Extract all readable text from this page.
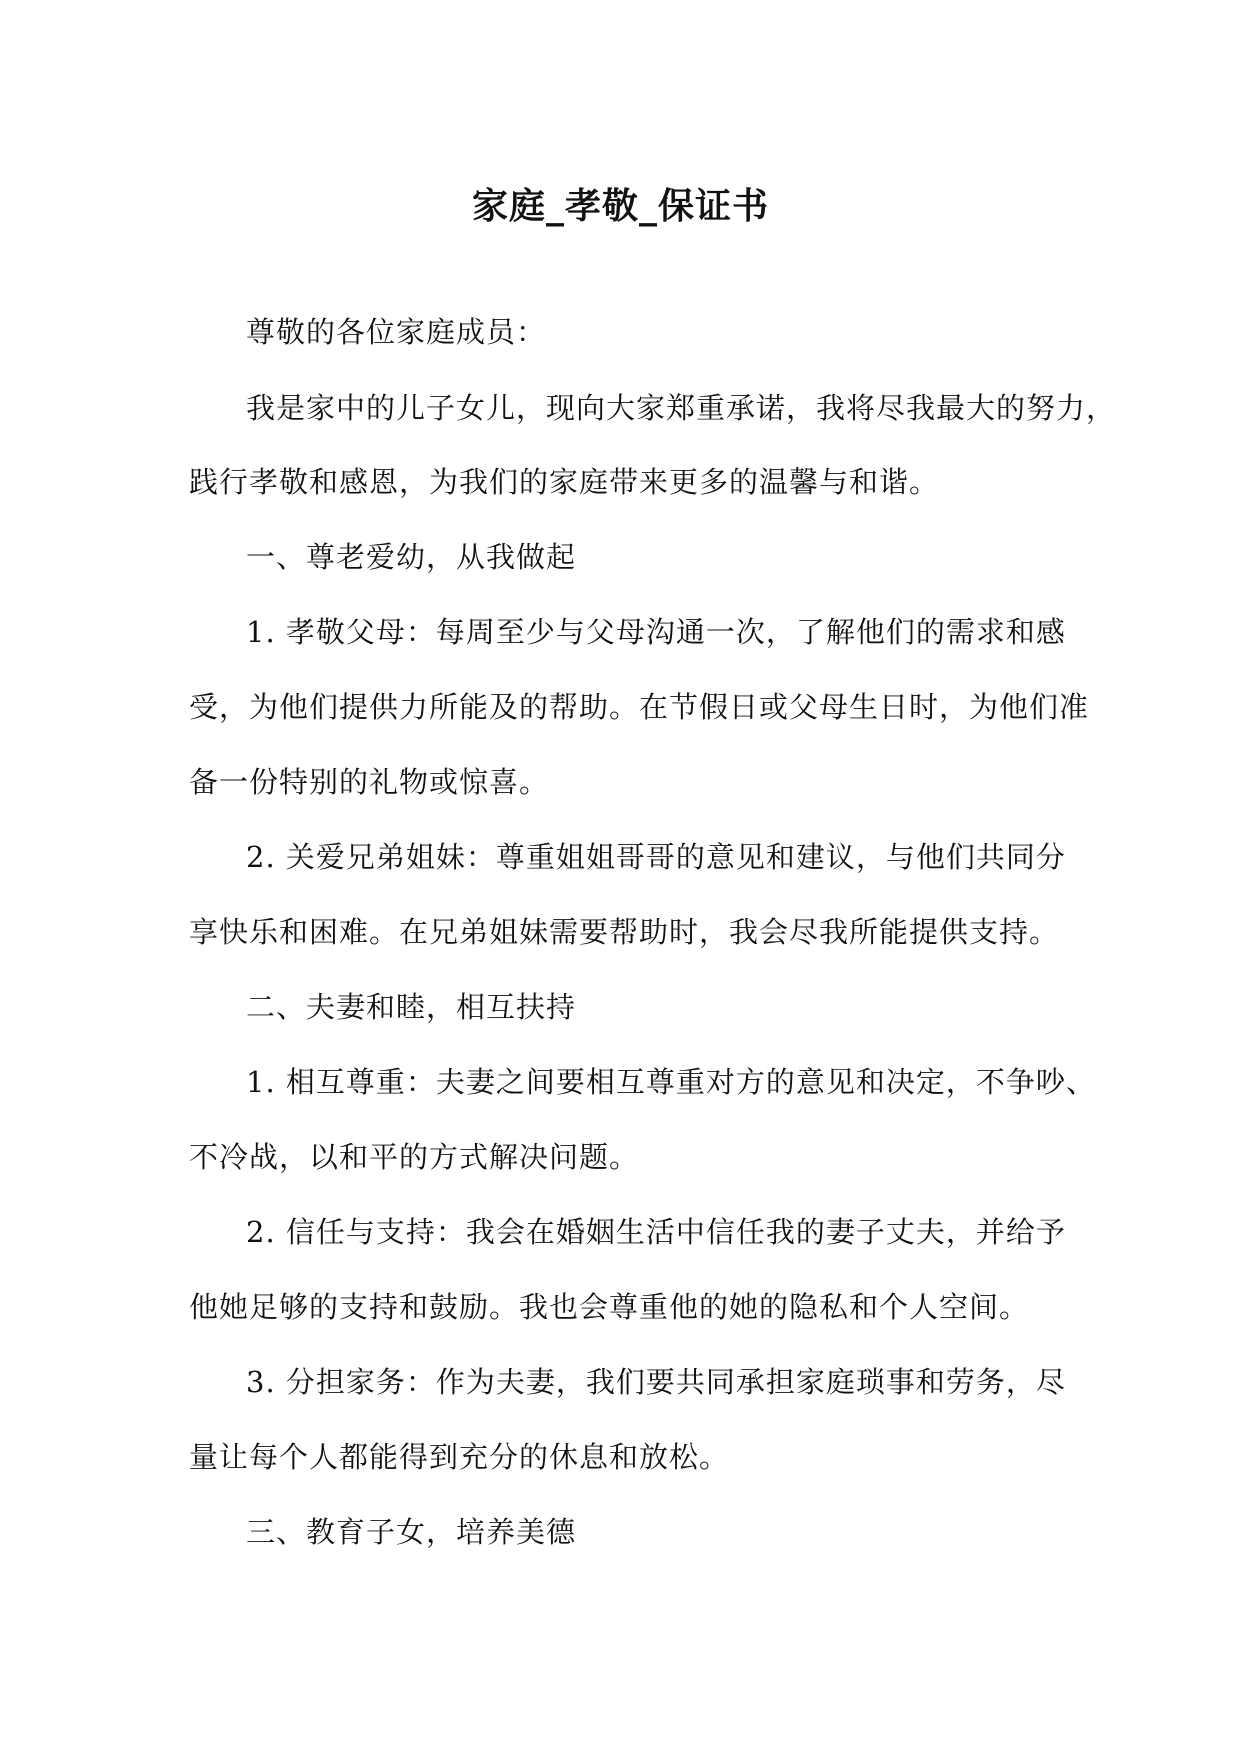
家庭_孝敬_保证书
尊敬的各位家庭成员：
我是家中的儿子女儿，现向大家郑重承诺，我将尽我最大的努力，
践行孝敬和感恩，为我们的家庭带来更多的温馨与和谐。
一、尊老爱幼，从我做起
1. 孝敬父母：每周至少与父母沟通一次，了解他们的需求和感
受，为他们提供力所能及的帮助。在节假日或父母生日时，为他们准
备一份特别的礼物或惊喜。
2. 关爱兄弟姐妹：尊重姐姐哥哥的意见和建议，与他们共同分
享快乐和困难。在兄弟姐妹需要帮助时，我会尽我所能提供支持。
二、夫妻和睦，相互扶持
1. 相互尊重：夫妻之间要相互尊重对方的意见和决定，不争吵、
不冷战，以和平的方式解决问题。
2. 信任与支持：我会在婚姻生活中信任我的妻子丈夫，并给予
他她足够的支持和鼓励。我也会尊重他的她的隐私和个人空间。
3. 分担家务：作为夫妻，我们要共同承担家庭琐事和劳务，尽
量让每个人都能得到充分的休息和放松。
三、教育子女，培养美德
